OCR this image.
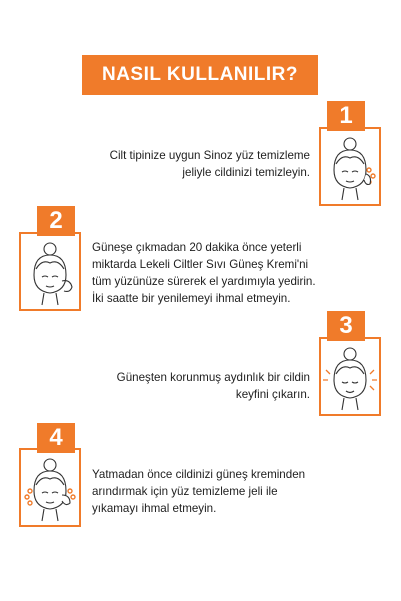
NASIL KULLANILIR?
1
Cilt tipinize uygun Sinoz yüz temizleme
jeliyle cildinizi temizleyin.
2
Güneşe çıkmadan 20 dakika önce yeterli
miktarda Lekeli Ciltler Sıvı Güneş Kremi'ni
tüm yüzünüze sürerek el yardımıyla yedirin.
İki saatte bir yenilemeyi ihmal etmeyin.
3
Güneşten korunmuş aydınlık bir cildin
keyfini çıkarın.
4
Yatmadan önce cildinizi güneş kreminden
arındırmak için yüz temizleme jeli ile
yıkamayı ihmal etmeyin.
